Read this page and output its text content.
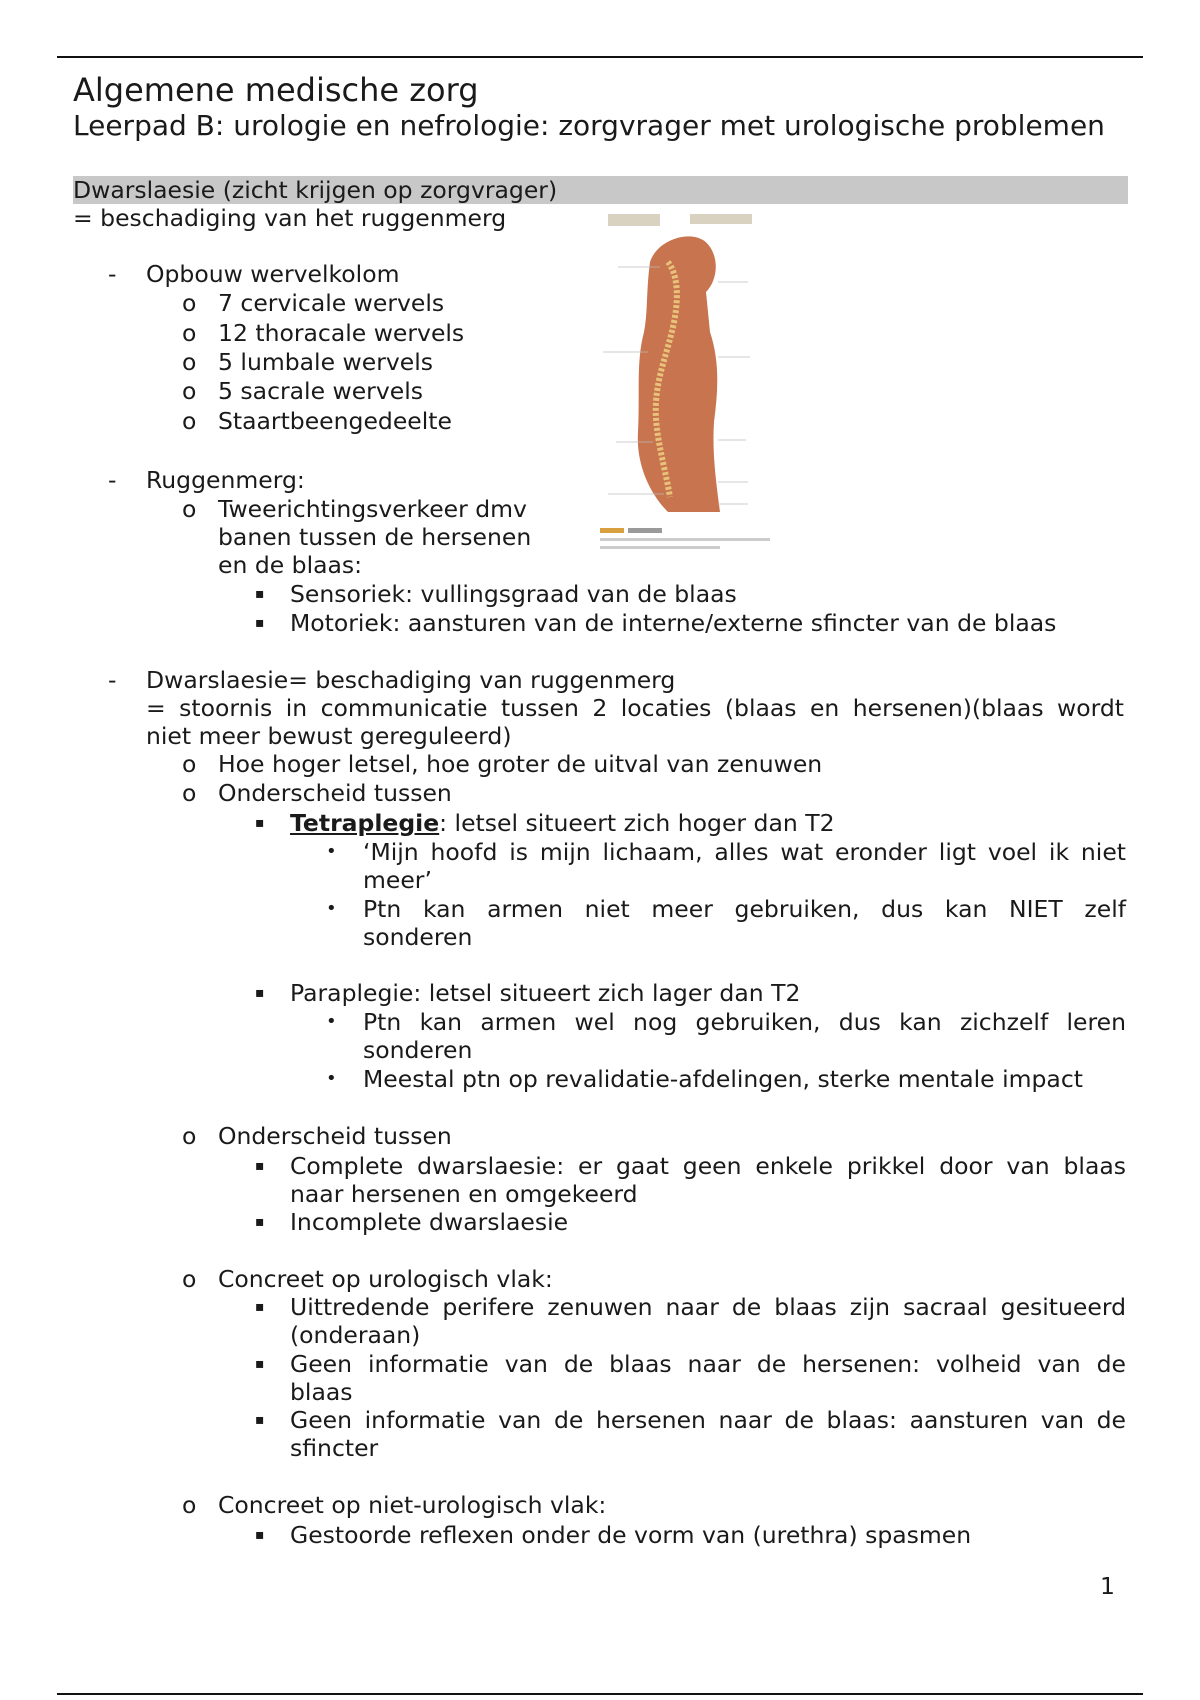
Algemene medische zorg
Leerpad B: urologie en nefrologie: zorgvrager met urologische problemen
Dwarslaesie (zicht krijgen op zorgvrager)
= beschadiging van het ruggenmerg
- Opbouw wervelkolom
o 7 cervicale wervels
o 12 thoracale wervels
o 5 lumbale wervels
o 5 sacrale wervels
o Staartbeengedeelte
- Ruggenmerg:
o Tweerichtingsverkeer dmv
banen tussen de hersenen
en de blaas:
▪ Sensoriek: vullingsgraad van de blaas
▪ Motoriek: aansturen van de interne/externe sfincter van de blaas
- Dwarslaesie= beschadiging van ruggenmerg
= stoornis in communicatie tussen 2 locaties (blaas en hersenen)(blaas wordt
niet meer bewust gereguleerd)
o Hoe hoger letsel, hoe groter de uitval van zenuwen
o Onderscheid tussen
▪ Tetraplegie: letsel situeert zich hoger dan T2
• ‘Mijn hoofd is mijn lichaam, alles wat eronder ligt voel ik niet
meer’
• Ptn kan armen niet meer gebruiken, dus kan NIET zelf
sonderen
▪ Paraplegie: letsel situeert zich lager dan T2
• Ptn kan armen wel nog gebruiken, dus kan zichzelf leren
sonderen
• Meestal ptn op revalidatie-afdelingen, sterke mentale impact
o Onderscheid tussen
▪ Complete dwarslaesie: er gaat geen enkele prikkel door van blaas
naar hersenen en omgekeerd
▪ Incomplete dwarslaesie
o Concreet op urologisch vlak:
▪ Uittredende perifere zenuwen naar de blaas zijn sacraal gesitueerd
(onderaan)
▪ Geen informatie van de blaas naar de hersenen: volheid van de
blaas
▪ Geen informatie van de hersenen naar de blaas: aansturen van de
sfincter
o Concreet op niet-urologisch vlak:
▪ Gestoorde reflexen onder de vorm van (urethra) spasmen
1
